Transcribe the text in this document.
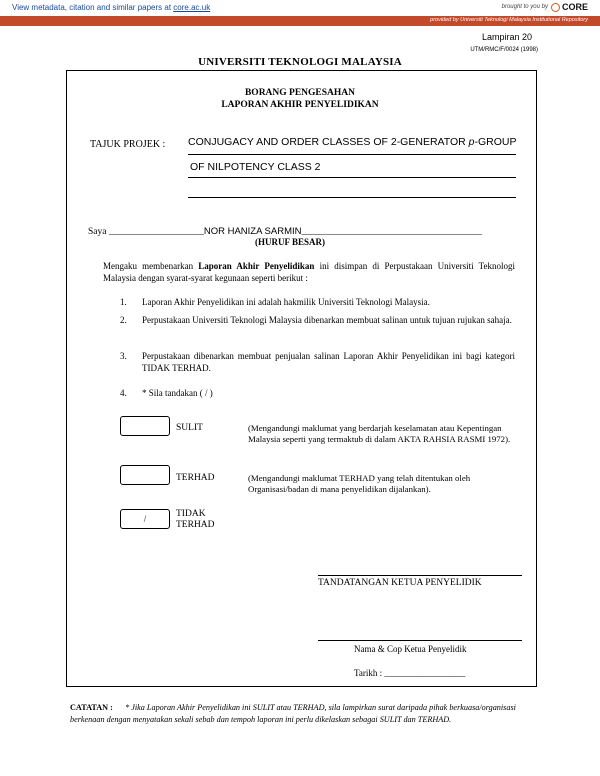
View metadata, citation and similar papers at core.ac.uk	brought to you by CORE
provided by Universiti Teknologi Malaysia Institutional Repository
Lampiran 20
UTM/RMC/F/0024 (1998)
UNIVERSITI TEKNOLOGI MALAYSIA
BORANG PENGESAHAN
LAPORAN AKHIR PENYELIDIKAN
TAJUK PROJEK : CONJUGACY AND ORDER CLASSES OF 2-GENERATOR p-GROUP
OF NILPOTENCY CLASS 2
Saya ____________________NOR HANIZA SARMIN______________________________________
(HURUF BESAR)
Mengaku membenarkan Laporan Akhir Penyelidikan ini disimpan di Perpustakaan Universiti Teknologi Malaysia dengan syarat-syarat kegunaan seperti berikut :
1. Laporan Akhir Penyelidikan ini adalah hakmilik Universiti Teknologi Malaysia.
2. Perpustakaan Universiti Teknologi Malaysia dibenarkan membuat salinan untuk tujuan rujukan sahaja.
3. Perpustakaan dibenarkan membuat penjualan salinan Laporan Akhir Penyelidikan ini bagi kategori TIDAK TERHAD.
4. * Sila tandakan ( / )
SULIT	(Mengandungi maklumat yang berdarjah keselamatan atau Kepentingan Malaysia seperti yang termaktub di dalam AKTA RAHSIA RASMI 1972).
TERHAD	(Mengandungi maklumat TERHAD yang telah ditentukan oleh Organisasi/badan di mana penyelidikan dijalankan).
/	TIDAK
TERHAD
TANDATANGAN KETUA PENYELIDIK
Nama & Cop Ketua Penyelidik
Tarikh : __________________
CATATAN : * Jika Laporan Akhir Penyelidikan ini SULIT atau TERHAD, sila lampirkan surat daripada pihak berkuasa/organisasi berkenaan dengan menyatakan sekali sebab dan tempoh laporan ini perlu dikelaskan sebagai SULIT dan TERHAD.
